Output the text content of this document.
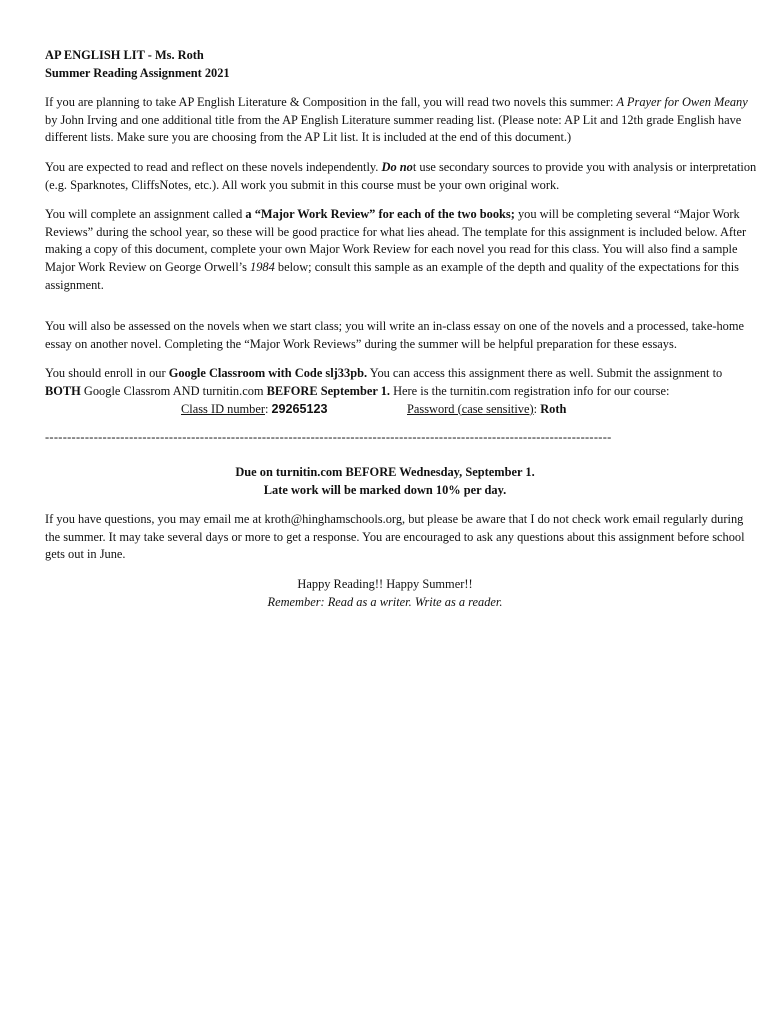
AP ENGLISH LIT - Ms. Roth
Summer Reading Assignment 2021

If you are planning to take AP English Literature & Composition in the fall, you will read two novels this summer: A Prayer for Owen Meany by John Irving and one additional title from the AP English Literature summer reading list. (Please note: AP Lit and 12th grade English have different lists. Make sure you are choosing from the AP Lit list. It is included at the end of this document.)

You are expected to read and reflect on these novels independently. Do not use secondary sources to provide you with analysis or interpretation (e.g. Sparknotes, CliffsNotes, etc.). All work you submit in this course must be your own original work.

You will complete an assignment called a “Major Work Review” for each of the two books; you will be completing several “Major Work Reviews” during the school year, so these will be good practice for what lies ahead. The template for this assignment is included below. After making a copy of this document, complete your own Major Work Review for each novel you read for this class. You will also find a sample Major Work Review on George Orwell’s 1984 below; consult this sample as an example of the depth and quality of the expectations for this assignment.

You will also be assessed on the novels when we start class; you will write an in-class essay on one of the novels and a processed, take-home essay on another novel. Completing the “Major Work Reviews” during the summer will be helpful preparation for these essays.

You should enroll in our Google Classroom with Code slj33pb. You can access this assignment there as well. Submit the assignment to BOTH Google Classrom AND turnitin.com BEFORE September 1. Here is the turnitin.com registration info for our course:

Class ID number: 29265123	Password (case sensitive): Roth
--------------------------------------------------------------------------------------------------------------------------------
Due on turnitin.com BEFORE Wednesday, September 1.
Late work will be marked down 10% per day.

If you have questions, you may email me at kroth@hinghamschools.org, but please be aware that I do not check work email regularly during the summer. It may take several days or more to get a response. You are encouraged to ask any questions about this assignment before school gets out in June.

Happy Reading!! Happy Summer!!
Remember: Read as a writer. Write as a reader.
